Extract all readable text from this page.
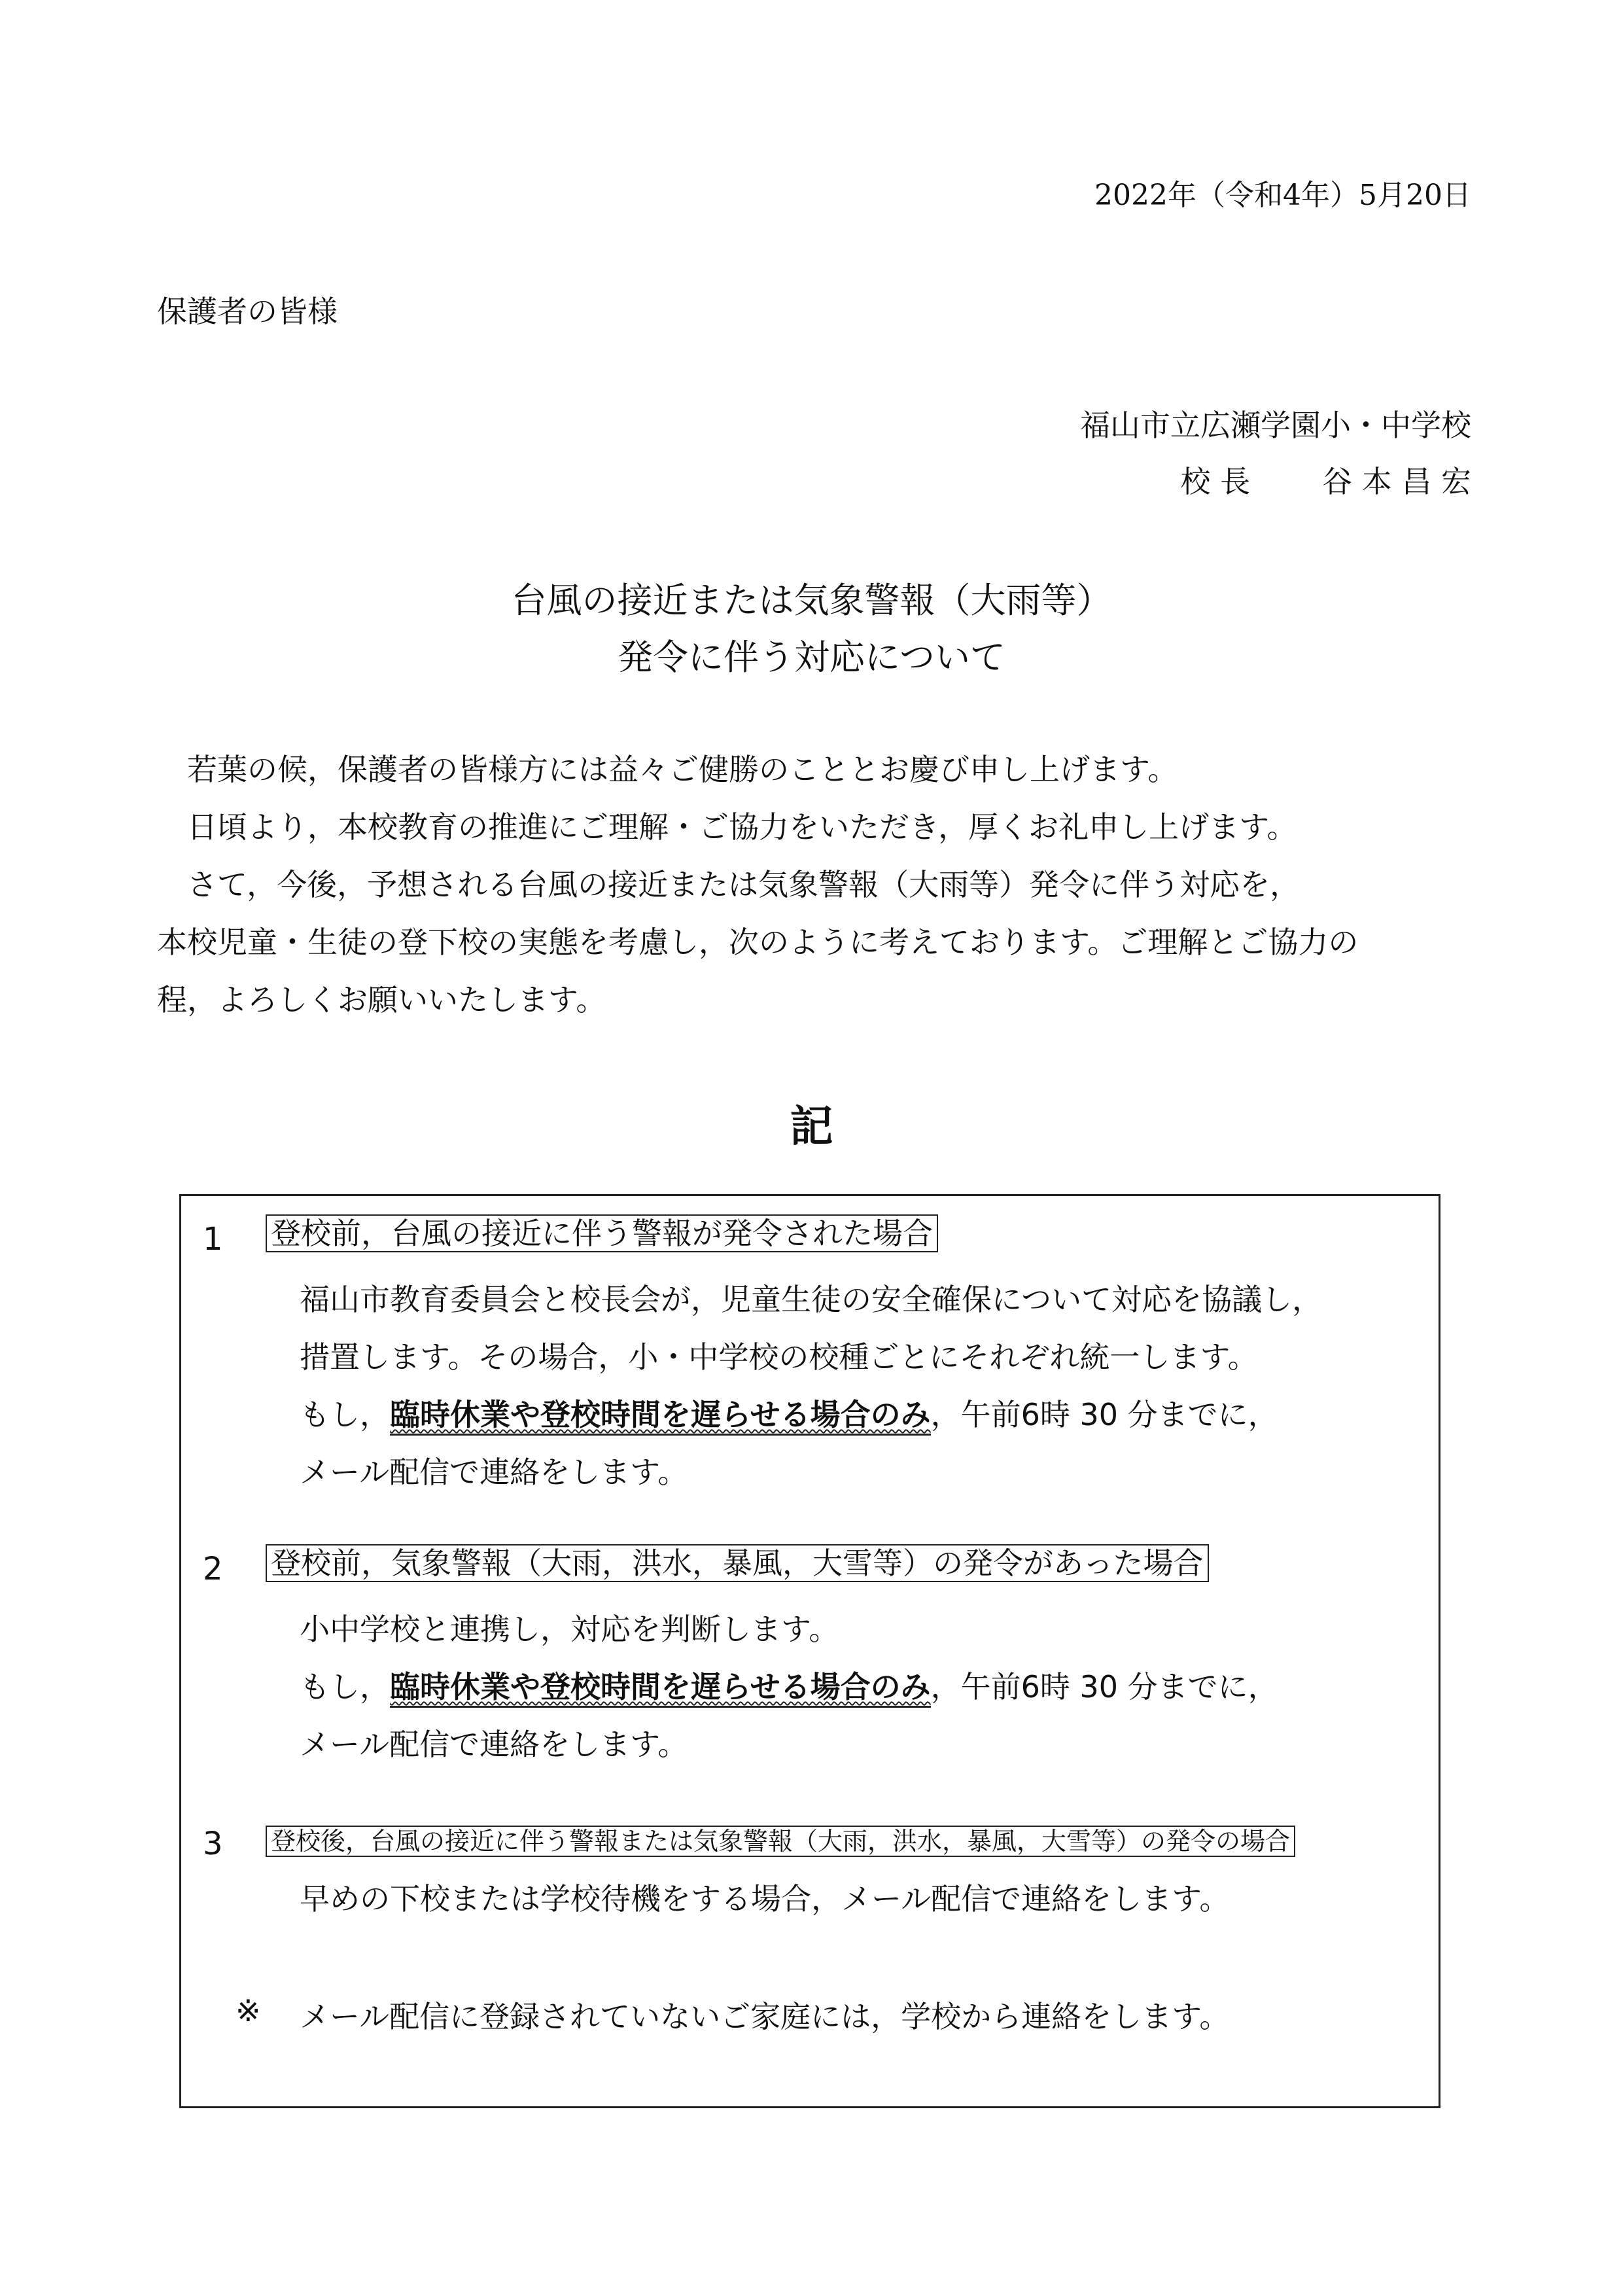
2022年（令和4年）5月20日
保護者の皆様
福山市立広瀬学園小・中学校
校 長 谷 本 昌 宏
台風の接近または気象警報（大雨等）
発令に伴う対応について
若葉の候，保護者の皆様方には益々ご健勝のこととお慶び申し上げます。
日頃より，本校教育の推進にご理解・ご協力をいただき，厚くお礼申し上げます。
さて，今後，予想される台風の接近または気象警報（大雨等）発令に伴う対応を，
本校児童・生徒の登下校の実態を考慮し，次のように考えております。ご理解とご協力の
程，よろしくお願いいたします。
記
1 登校前，台風の接近に伴う警報が発令された場合
福山市教育委員会と校長会が，児童生徒の安全確保について対応を協議し，
措置します。その場合，小・中学校の校種ごとにそれぞれ統一します。
もし，臨時休業や登校時間を遅らせる場合のみ，午前6時 30 分までに，
メール配信で連絡をします。
2 登校前，気象警報（大雨，洪水，暴風，大雪等）の発令があった場合
小中学校と連携し，対応を判断します。
もし，臨時休業や登校時間を遅らせる場合のみ，午前6時 30 分までに，
メール配信で連絡をします。
3 登校後，台風の接近に伴う警報または気象警報（大雨，洪水，暴風，大雪等）の発令の場合
早めの下校または学校待機をする場合，メール配信で連絡をします。
※ メール配信に登録されていないご家庭には，学校から連絡をします。
